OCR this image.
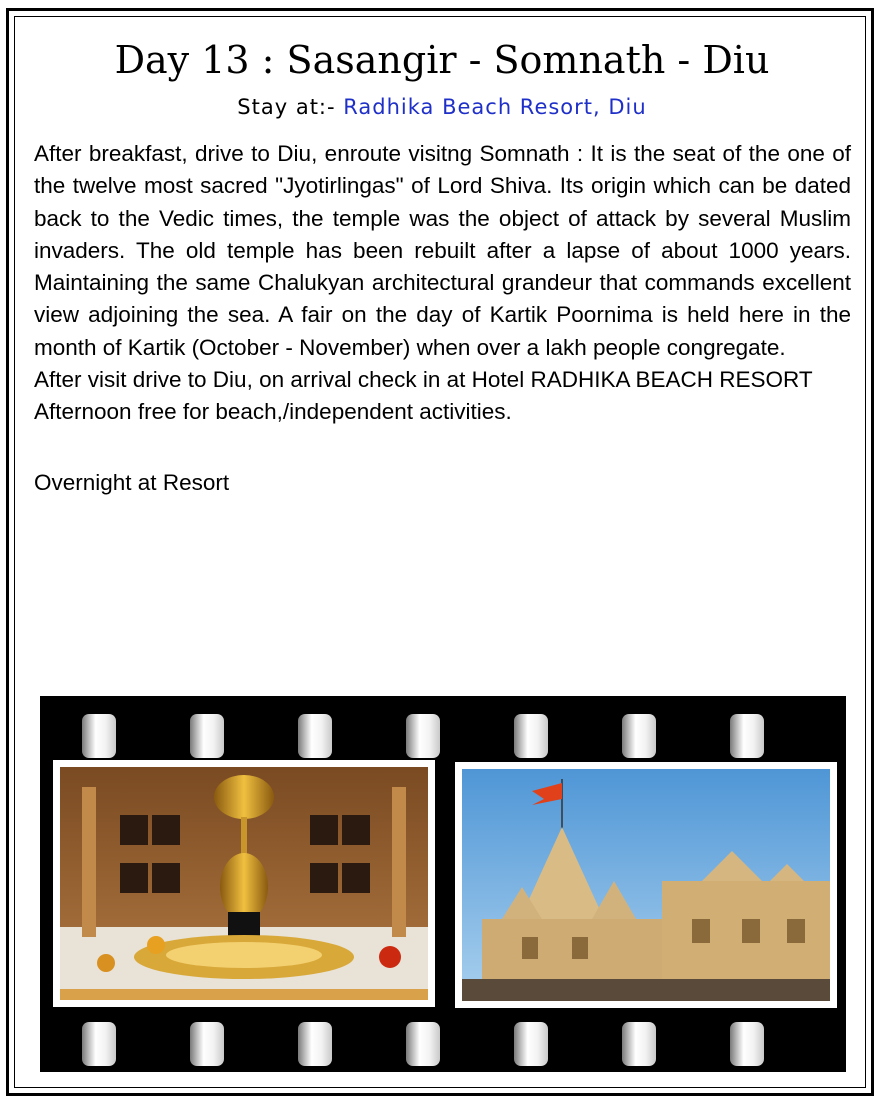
Day 13 : Sasangir - Somnath - Diu
Stay at:- Radhika Beach Resort, Diu

After breakfast, drive to Diu, enroute visitng Somnath : It is the seat of the one of the twelve most sacred "Jyotirlingas" of Lord Shiva. Its origin which can be dated back to the Vedic times, the temple was the object of attack by several Muslim invaders. The old temple has been rebuilt after a lapse of about 1000 years. Maintaining the same Chalukyan architectural grandeur that commands excellent view adjoining the sea. A fair on the day of Kartik Poornima is held here in the month of Kartik (October - November) when over a lakh people congregate.

After visit drive to Diu, on arrival check in at Hotel RADHIKA BEACH RESORT

Afternoon free for beach,/independent activities.

Overnight at Resort
